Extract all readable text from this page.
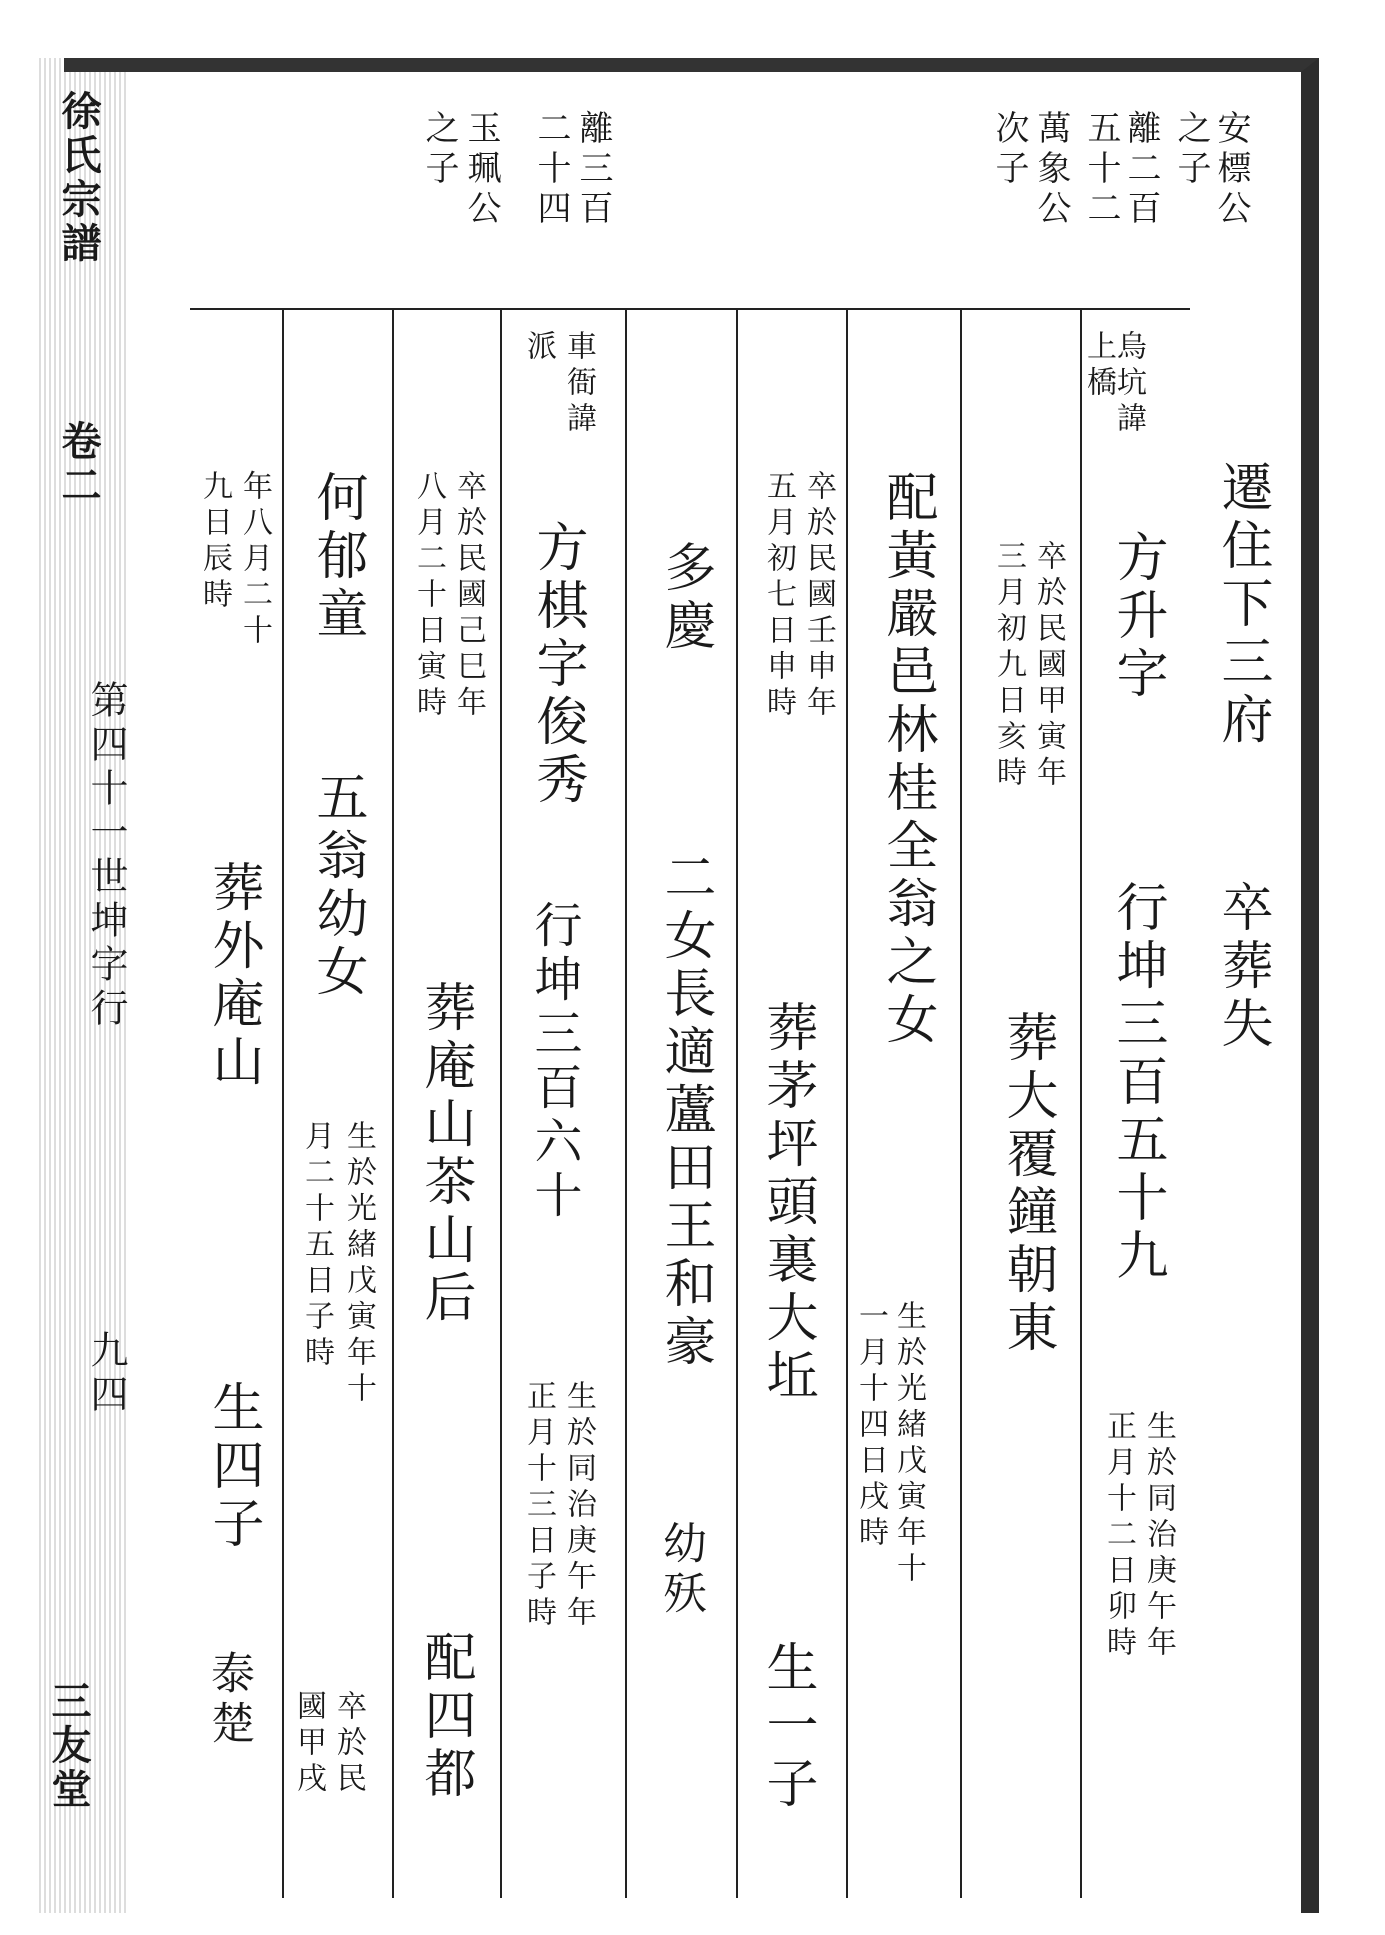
徐氏宗譜
卷二
第四十一世坤字行
九四
三友堂
安標公
之子
離二百
五十二
萬象公
次子
離三百
二十四
玉珮公
之子
烏坑諱
上橋
遷住下三府
卒葬失
方升字
行坤三百五十九
生於同治庚午年
正月十二日卯時
卒於民國甲寅年
三月初九日亥時
葬大覆鐘朝東
配黃嚴邑林桂全翁之女
生於光緒戊寅年十
一月十四日戌時
卒於民國壬申年
五月初七日申時
葬茅坪頭裏大坵
生一子
多慶
二女長適蘆田王和豪
幼殀
車衙諱
派
方棋字俊秀
行坤三百六十
生於同治庚午年
正月十三日子時
卒於民國己巳年
八月二十日寅時
葬庵山茶山后
配四都
何郁童
五翁幼女
生於光緒戊寅年十
月二十五日子時
卒於民
國甲戌
年八月二十
九日辰時
葬外庵山
生四子
泰楚
